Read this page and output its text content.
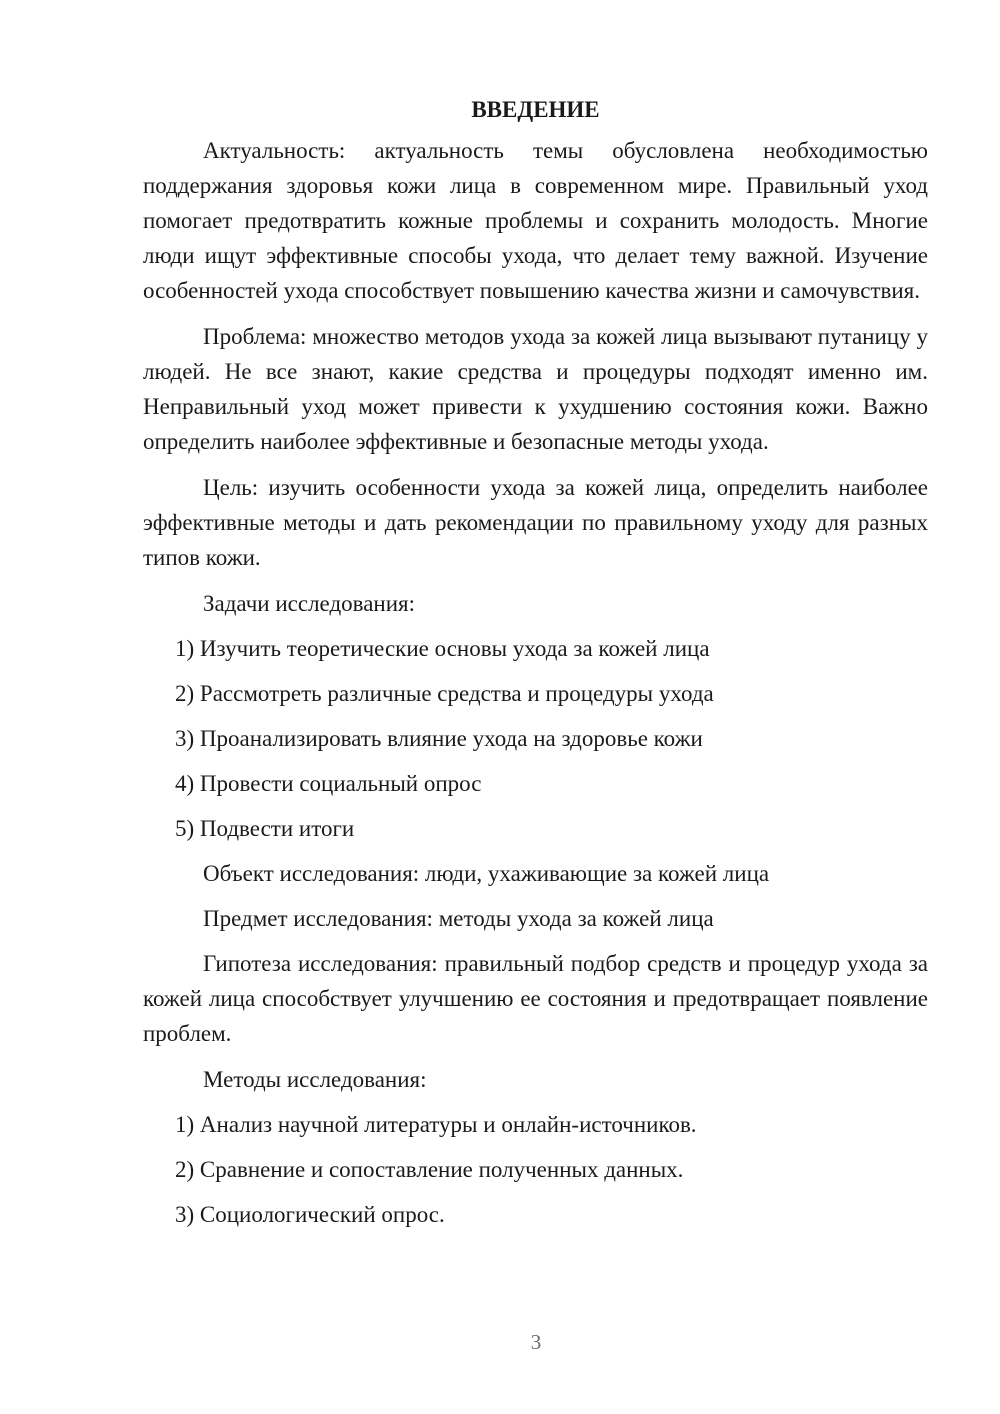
ВВЕДЕНИЕ

Актуальность: актуальность темы обусловлена необходимостью поддержания здоровья кожи лица в современном мире. Правильный уход помогает предотвратить кожные проблемы и сохранить молодость. Многие люди ищут эффективные способы ухода, что делает тему важной. Изучение особенностей ухода способствует повышению качества жизни и самочувствия.

Проблема: множество методов ухода за кожей лица вызывают путаницу у людей. Не все знают, какие средства и процедуры подходят именно им. Неправильный уход может привести к ухудшению состояния кожи. Важно определить наиболее эффективные и безопасные методы ухода.

Цель: изучить особенности ухода за кожей лица, определить наиболее эффективные методы и дать рекомендации по правильному уходу для разных типов кожи.

Задачи исследования:
1) Изучить теоретические основы ухода за кожей лица
2) Рассмотреть различные средства и процедуры ухода
3) Проанализировать влияние ухода на здоровье кожи
4) Провести социальный опрос
5) Подвести итоги
Объект исследования: люди, ухаживающие за кожей лица
Предмет исследования: методы ухода за кожей лица

Гипотеза исследования: правильный подбор средств и процедур ухода за кожей лица способствует улучшению ее состояния и предотвращает появление проблем.

Методы исследования:
1) Анализ научной литературы и онлайн-источников.
2) Сравнение и сопоставление полученных данных.
3) Социологический опрос.
3
